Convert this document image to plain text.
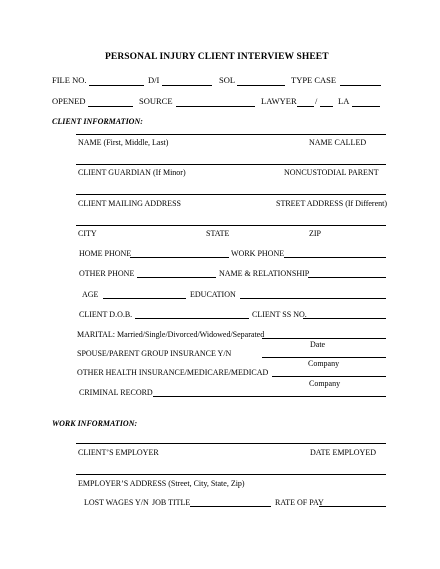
PERSONAL INJURY CLIENT INTERVIEW SHEET
FILE NO.	D/I	SOL	TYPE CASE
OPENED	SOURCE	LAWYER / LA
CLIENT INFORMATION:
NAME (First, Middle, Last)	NAME CALLED
CLIENT GUARDIAN (If Minor)	NONCUSTODIAL PARENT
CLIENT MAILING ADDRESS	STREET ADDRESS (If Different)
CITY	STATE	ZIP
HOME PHONE	WORK PHONE
OTHER PHONE	NAME & RELATIONSHIP
AGE	EDUCATION
CLIENT D.O.B.	CLIENT SS NO.
MARITAL: Married/Single/Divorced/Widowed/Separated
Date
SPOUSE/PARENT GROUP INSURANCE Y/N
Company
OTHER HEALTH INSURANCE/MEDICARE/MEDICAD
Company
CRIMINAL RECORD
WORK INFORMATION:
CLIENT’S EMPLOYER	DATE EMPLOYED
EMPLOYER’S ADDRESS (Street, City, State, Zip)
LOST WAGES Y/N JOB TITLE	RATE OF PAY
